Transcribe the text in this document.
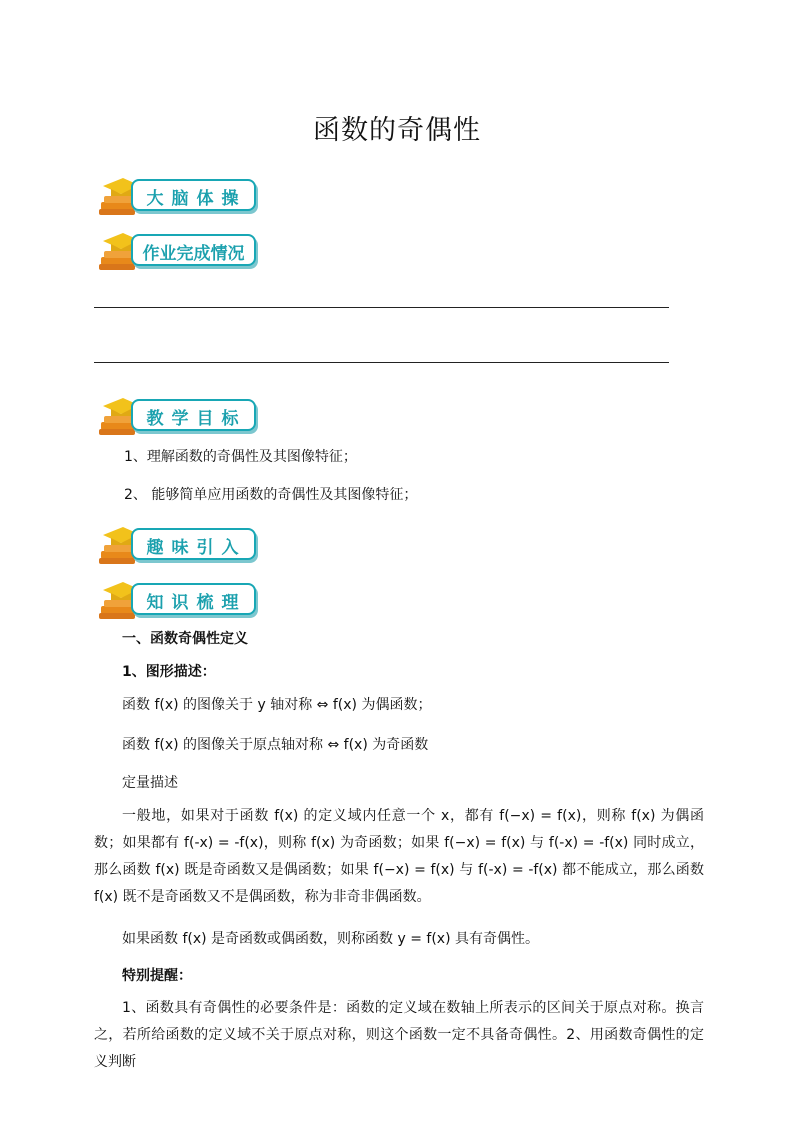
函数的奇偶性
大脑体操
作业完成情况
教学目标
1、理解函数的奇偶性及其图像特征；
2、 能够简单应用函数的奇偶性及其图像特征；
趣味引入
知识梳理
一、函数奇偶性定义
1、图形描述：
函数 f(x) 的图像关于 y 轴对称 ⇔ f(x) 为偶函数；
函数 f(x) 的图像关于原点轴对称 ⇔ f(x) 为奇函数
定量描述
一般地，如果对于函数 f(x) 的定义域内任意一个 x，都有 f(−x) = f(x)，则称 f(x) 为偶函数；如果都有 f(-x) = -f(x)，则称 f(x) 为奇函数；如果 f(−x) = f(x) 与 f(-x) = -f(x) 同时成立，那么函数 f(x) 既是奇函数又是偶函数；如果 f(−x) = f(x) 与 f(-x) = -f(x) 都不能成立，那么函数 f(x) 既不是奇函数又不是偶函数，称为非奇非偶函数。
如果函数 f(x) 是奇函数或偶函数，则称函数 y = f(x) 具有奇偶性。
特别提醒：
1、函数具有奇偶性的必要条件是：函数的定义域在数轴上所表示的区间关于原点对称。换言之，若所给函数的定义域不关于原点对称，则这个函数一定不具备奇偶性。2、用函数奇偶性的定义判断
